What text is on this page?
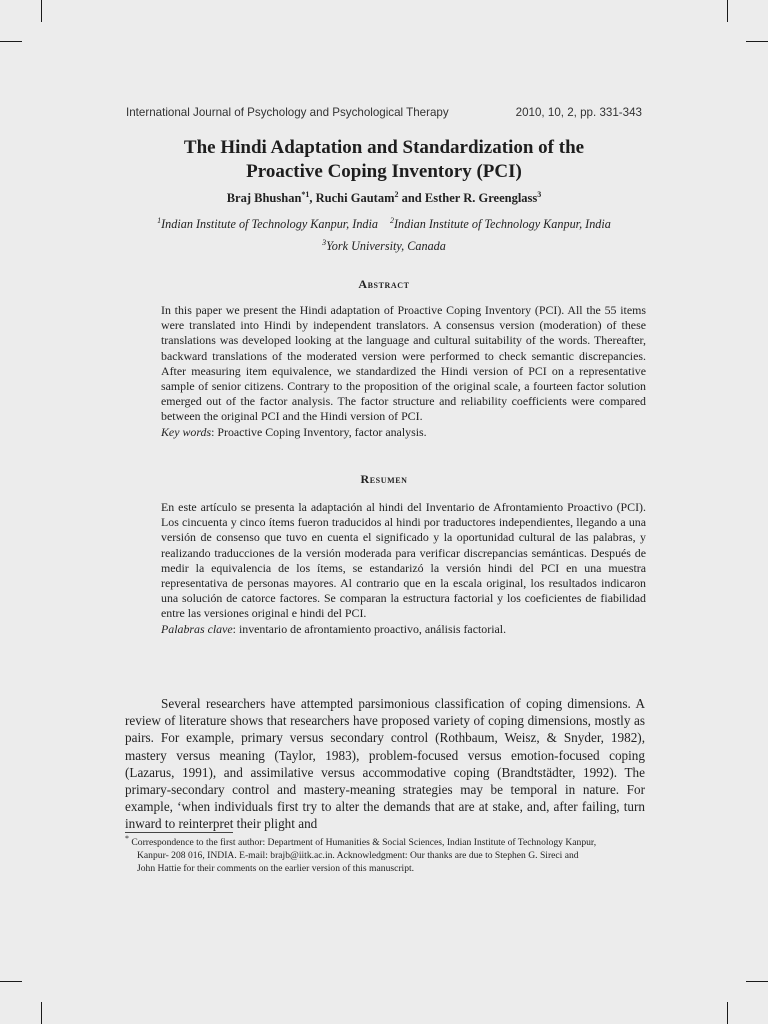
International Journal of Psychology and Psychological Therapy	2010, 10, 2, pp. 331-343
The Hindi Adaptation and Standardization of the
Proactive Coping Inventory (PCI)
Braj Bhushan$^{*1}$, Ruchi Gautam$^2$ and Esther R. Greenglass$^3$
$^1$Indian Institute of Technology Kanpur, India $^2$Indian Institute of Technology Kanpur, India
$^3$York University, Canada
Abstract

In this paper we present the Hindi adaptation of Proactive Coping Inventory (PCI). All the 55 items were translated into Hindi by independent translators. A consensus version (moderation) of these translations was developed looking at the language and cultural suitability of the words. Thereafter, backward translations of the moderated version were performed to check semantic discrepancies. After measuring item equivalence, we standardized the Hindi version of PCI on a representative sample of senior citizens. Contrary to the proposition of the original scale, a fourteen factor solution emerged out of the factor analysis. The factor structure and reliability coefficients were compared between the original PCI and the Hindi version of PCI.

Key words: Proactive Coping Inventory, factor analysis.

Resumen

En este artículo se presenta la adaptación al hindi del Inventario de Afrontamiento Proactivo (PCI). Los cincuenta y cinco ítems fueron traducidos al hindi por traductores independientes, llegando a una versión de consenso que tuvo en cuenta el significado y la oportunidad cultural de las palabras, y realizando traducciones de la versión moderada para verificar discrepancias semánticas. Después de medir la equivalencia de los ítems, se estandarizó la versión hindi del PCI en una muestra representativa de personas mayores. Al contrario que en la escala original, los resultados indicaron una solución de catorce factores. Se comparan la estructura factorial y los coeficientes de fiabilidad entre las versiones original e hindi del PCI.

Palabras clave: inventario de afrontamiento proactivo, análisis factorial.

Several researchers have attempted parsimonious classification of coping dimensions. A review of literature shows that researchers have proposed variety of coping dimensions, mostly as pairs. For example, primary versus secondary control (Rothbaum, Weisz, & Snyder, 1982), mastery versus meaning (Taylor, 1983), problem-focused versus emotion-focused coping (Lazarus, 1991), and assimilative versus accommodative coping (Brandtstädter, 1992). The primary-secondary control and mastery-meaning strategies may be temporal in nature. For example, ‘when individuals first try to alter the demands that are at stake, and, after failing, turn inward to reinterpret their plight and

* Correspondence to the first author: Department of Humanities & Social Sciences, Indian Institute of Technology Kanpur,
Kanpur- 208 016, INDIA. E-mail: brajb@iitk.ac.in. Acknowledgment: Our thanks are due to Stephen G. Sireci and
John Hattie for their comments on the earlier version of this manuscript.
